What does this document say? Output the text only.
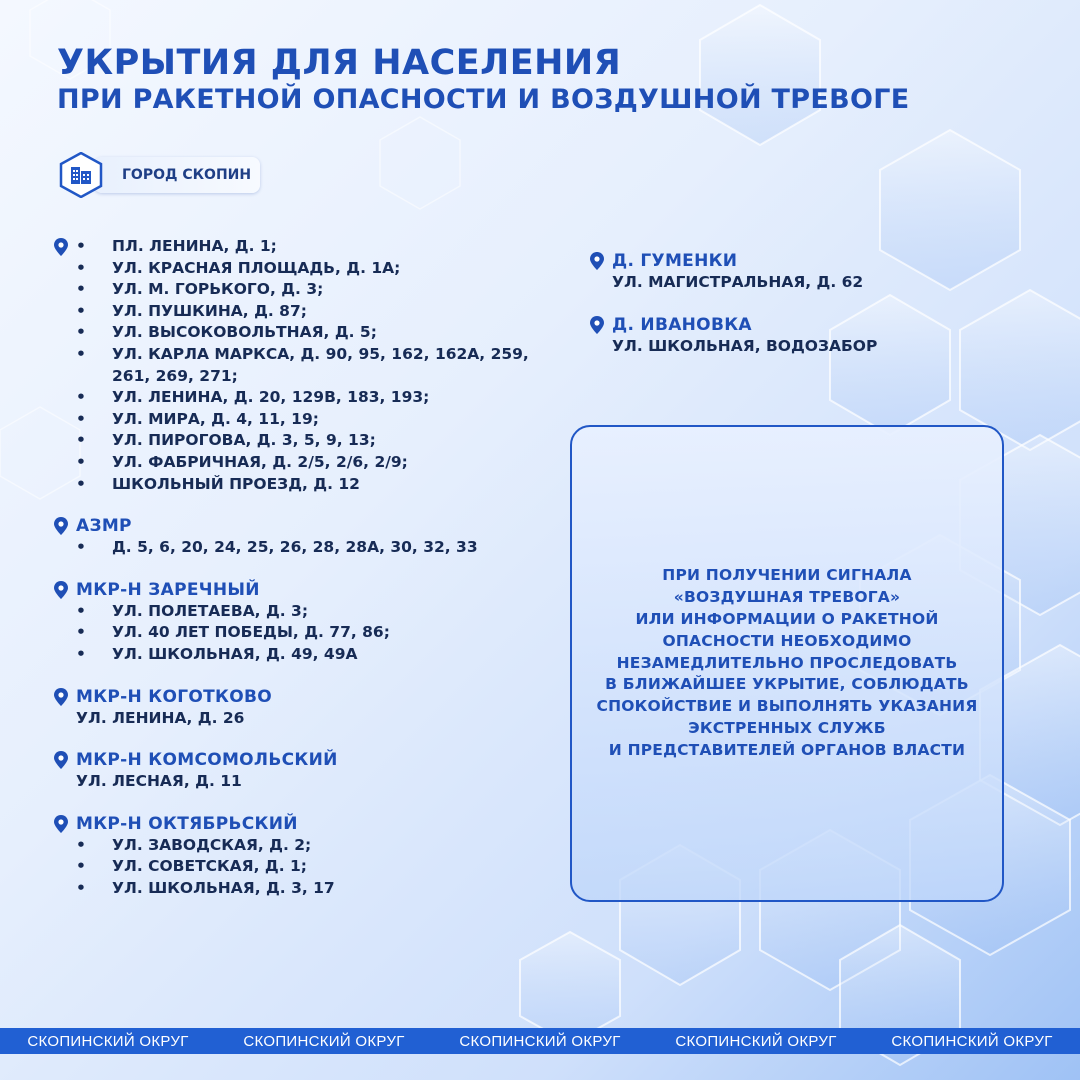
УКРЫТИЯ ДЛЯ НАСЕЛЕНИЯ
ПРИ РАКЕТНОЙ ОПАСНОСТИ И ВОЗДУШНОЙ ТРЕВОГЕ
ГОРОД СКОПИН
• ПЛ. ЛЕНИНА, Д. 1;
• УЛ. КРАСНАЯ ПЛОЩАДЬ, Д. 1А;
• УЛ. М. ГОРЬКОГО, Д. 3;
• УЛ. ПУШКИНА, Д. 87;
• УЛ. ВЫСОКОВОЛЬТНАЯ, Д. 5;
• УЛ. КАРЛА МАРКСА, Д. 90, 95, 162, 162А, 259, 261, 269, 271;
• УЛ. ЛЕНИНА, Д. 20, 129В, 183, 193;
• УЛ. МИРА, Д. 4, 11, 19;
• УЛ. ПИРОГОВА, Д. 3, 5, 9, 13;
• УЛ. ФАБРИЧНАЯ, Д. 2/5, 2/6, 2/9;
• ШКОЛЬНЫЙ ПРОЕЗД, Д. 12
АЗМР
• Д. 5, 6, 20, 24, 25, 26, 28, 28А, 30, 32, 33
МКР-Н ЗАРЕЧНЫЙ
• УЛ. ПОЛЕТАЕВА, Д. 3;
• УЛ. 40 ЛЕТ ПОБЕДЫ, Д. 77, 86;
• УЛ. ШКОЛЬНАЯ, Д. 49, 49А
МКР-Н КОГОТКОВО
УЛ. ЛЕНИНА, Д. 26
МКР-Н КОМСОМОЛЬСКИЙ
УЛ. ЛЕСНАЯ, Д. 11
МКР-Н ОКТЯБРЬСКИЙ
• УЛ. ЗАВОДСКАЯ, Д. 2;
• УЛ. СОВЕТСКАЯ, Д. 1;
• УЛ. ШКОЛЬНАЯ, Д. 3, 17
Д. ГУМЕНКИ
УЛ. МАГИСТРАЛЬНАЯ, Д. 62
Д. ИВАНОВКА
УЛ. ШКОЛЬНАЯ, ВОДОЗАБОР
ПРИ ПОЛУЧЕНИИ СИГНАЛА
«ВОЗДУШНАЯ ТРЕВОГА»
ИЛИ ИНФОРМАЦИИ О РАКЕТНОЙ
ОПАСНОСТИ НЕОБХОДИМО
НЕЗАМЕДЛИТЕЛЬНО ПРОСЛЕДОВАТЬ
В БЛИЖАЙШЕЕ УКРЫТИЕ, СОБЛЮДАТЬ
СПОКОЙСТВИЕ И ВЫПОЛНЯТЬ УКАЗАНИЯ
ЭКСТРЕННЫХ СЛУЖБ
И ПРЕДСТАВИТЕЛЕЙ ОРГАНОВ ВЛАСТИ
СКОПИНСКИЙ ОКРУГ	СКОПИНСКИЙ ОКРУГ	СКОПИНСКИЙ ОКРУГ	СКОПИНСКИЙ ОКРУГ	СКОПИНСКИЙ ОКРУГ
